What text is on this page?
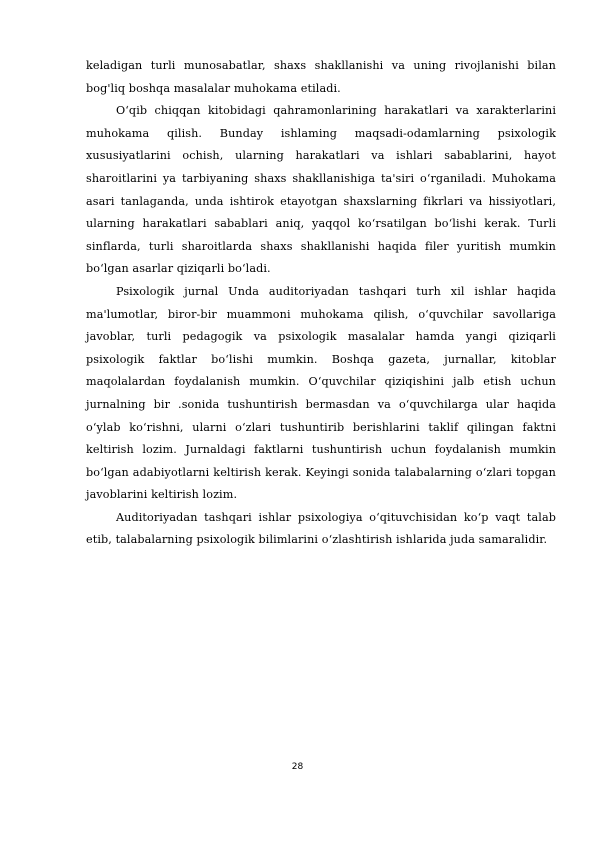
keladigan turli munosabatlar, shaxs shakllanishi va uning rivojlanishi bilan bog'liq boshqa masalalar muhokama etiladi.

O‘qib chiqqan kitobidagi qahramonlarining harakatlari va xarakterlarini muhokama qilish. Bunday ishlaming maqsadi-odamlarning psixologik xususiyatlarini ochish, ularning harakatlari va ishlari sabablarini, hayot sharoitlarini ya tarbiyaning shaxs shakllanishiga ta'siri o‘rganiladi. Muhokama asari tanlaganda, unda ishtirok etayotgan shaxslarning fikrlari va hissiyotlari, ularning harakatlari sabablari aniq, yaqqol ko‘rsatilgan bo‘lishi kerak. Turli sinflarda, turli sharoitlarda shaxs shakllanishi haqida filer yuritish mumkin bo‘lgan asarlar qiziqarli bo‘ladi.

Psixologik jurnal Unda auditoriyadan tashqari turh xil ishlar haqida ma'lumotlar, biror-bir muammoni muhokama qilish, o‘quvchilar savollariga javoblar, turli pedagogik va psixologik masalalar hamda yangi qiziqarli psixologik faktlar bo‘lishi mumkin. Boshqa gazeta, jurnallar, kitoblar maqolalardan foydalanish mumkin. O‘quvchilar qiziqishini jalb etish uchun jurnalning bir .sonida tushuntirish bermasdan va o‘quvchilarga ular haqida o‘ylab ko‘rishni, ularni o‘zlari tushuntirib berishlarini taklif qilingan faktni keltirish lozim. Jurnaldagi faktlarni tushuntirish uchun foydalanish mumkin bo‘lgan adabiyotlarni keltirish kerak. Keyingi sonida talabalarning o‘zlari topgan javoblarini keltirish lozim.

Auditoriyadan tashqari ishlar psixologiya o‘qituvchisidan ko‘p vaqt talab etib, talabalarning psixologik bilimlarini o‘zlashtirish ishlarida juda samaralidir.

28
